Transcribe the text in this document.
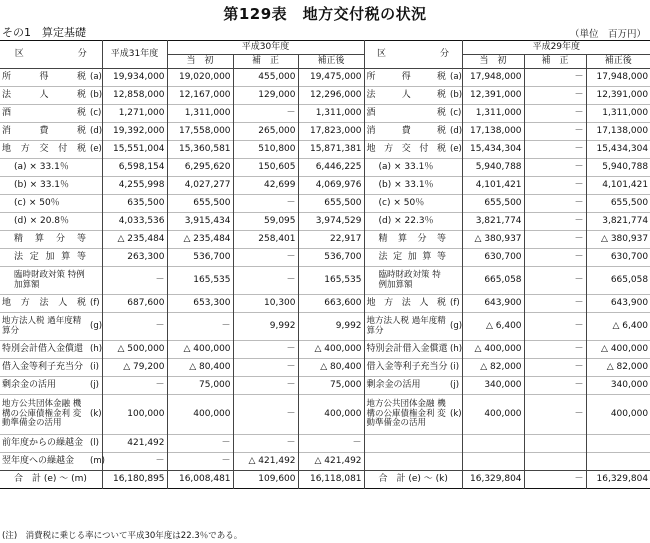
第129表　地方交付税の状況
その1　算定基礎	（単位　百万円）
区　　　　　　分		平成31年度	平成30年度			区　　　　　　分		平成29年度		
			当　初	補　正	補正後			当　初	補　正	補正後
所得税	(a)	19,934,000	19,020,000	455,000	19,475,000	所得税	(a)	17,948,000	－	17,948,000
法人税	(b)	12,858,000	12,167,000	129,000	12,296,000	法人税	(b)	12,391,000	－	12,391,000
酒税	(c)	1,271,000	1,311,000	－	1,311,000	酒税	(c)	1,311,000	－	1,311,000
消費税	(d)	19,392,000	17,558,000	265,000	17,823,000	消費税	(d)	17,138,000	－	17,138,000
地方交付税	(e)	15,551,004	15,360,581	510,800	15,871,381	地方交付税	(e)	15,434,304	－	15,434,304
(a) × 33.1％		6,598,154	6,295,620	150,605	6,446,225	(a) × 33.1％		5,940,788	－	5,940,788
(b) × 33.1％		4,255,998	4,027,277	42,699	4,069,976	(b) × 33.1％		4,101,421	－	4,101,421
(c) × 50％		635,500	655,500	－	655,500	(c) × 50％		655,500	－	655,500
(d) × 20.8％		4,033,536	3,915,434	59,095	3,974,529	(d) × 22.3％		3,821,774	－	3,821,774
精算分等		△ 235,484	△ 235,484	258,401	22,917	精算分等		△ 380,937	－	△ 380,937
法定加算等		263,300	536,700	－	536,700	法定加算等		630,700	－	630,700
臨時財政対策 特例加算額		－	165,535	－	165,535	臨時財政対策 特例加算額		665,058	－	665,058
地方法人税	(f)	687,600	653,300	10,300	663,600	地方法人税	(f)	643,900	－	643,900
地方法人税 過年度精算分	(g)	－	－	9,992	9,992	地方法人税 過年度精算分	(g)	△ 6,400	－	△ 6,400
特別会計借入金償還	(h)	△ 500,000	△ 400,000	－	△ 400,000	特別会計借入金償還	(h)	△ 400,000	－	△ 400,000
借入金等利子充当分	(i)	△ 79,200	△ 80,400	－	△ 80,400	借入金等利子充当分	(i)	△ 82,000	－	△ 82,000
剰余金の活用	(j)	－	75,000	－	75,000	剰余金の活用	(j)	340,000	－	340,000
地方公共団体金融 機構の公庫債権金利 変動準備金の活用	(k)	100,000	400,000	－	400,000	地方公共団体金融 機構の公庫債権金利 変動準備金の活用	(k)	400,000	－	400,000
前年度からの繰越金	(l)	421,492	－	－	－					
翌年度への繰越金	(m)	－	－	△ 421,492	△ 421,492					
合　計 (e) ～ (m)		16,180,895	16,008,481	109,600	16,118,081	合　計 (e) ～ (k)		16,329,804	－	16,329,804
(注)　消費税に乗じる率について平成30年度は22.3％である。
